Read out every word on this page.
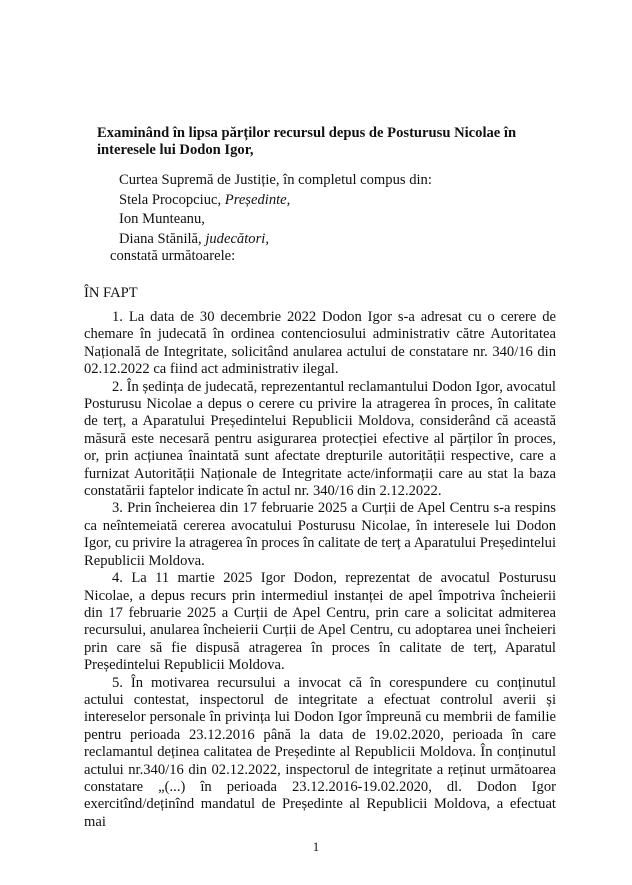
Examinând în lipsa părților recursul depus de Posturusu Nicolae în
interesele lui Dodon Igor,
Curtea Supremă de Justiție, în completul compus din:
Stela Procopciuc, Președinte,
Ion Munteanu,
Diana Stănilă, judecători,
constată următoarele:
ÎN FAPT

1. La data de 30 decembrie 2022 Dodon Igor s-a adresat cu o cerere de chemare în judecată în ordinea contenciosului administrativ către Autoritatea Națională de Integritate, solicitând anularea actului de constatare nr. 340/16 din 02.12.2022 ca fiind act administrativ ilegal.

2. În ședința de judecată, reprezentantul reclamantului Dodon Igor, avocatul Posturusu Nicolae a depus o cerere cu privire la atragerea în proces, în calitate de terț, a Aparatului Președintelui Republicii Moldova, considerând că această măsură este necesară pentru asigurarea protecției efective al părților în proces, or, prin acțiunea înaintată sunt afectate drepturile autorității respective, care a furnizat Autorității Naționale de Integritate acte/informații care au stat la baza constatării faptelor indicate în actul nr. 340/16 din 2.12.2022.

3. Prin încheierea din 17 februarie 2025 a Curții de Apel Centru s-a respins ca neîntemeiată cererea avocatului Posturusu Nicolae, în interesele lui Dodon Igor, cu privire la atragerea în proces în calitate de terț a Aparatului Președintelui Republicii Moldova.

4. La 11 martie 2025 Igor Dodon, reprezentat de avocatul Posturusu Nicolae, a depus recurs prin intermediul instanței de apel împotriva încheierii din 17 februarie 2025 a Curții de Apel Centru, prin care a solicitat admiterea recursului, anularea încheierii Curții de Apel Centru, cu adoptarea unei încheieri prin care să fie dispusă atragerea în proces în calitate de terț, Aparatul Președintelui Republicii Moldova.

5. În motivarea recursului a invocat că în corespundere cu conținutul actului contestat, inspectorul de integritate a efectuat controlul averii și intereselor personale în privința lui Dodon Igor împreună cu membrii de familie pentru perioada 23.12.2016 până la data de 19.02.2020, perioada în care reclamantul deținea calitatea de Președinte al Republicii Moldova. În conținutul actului nr.340/16 din 02.12.2022, inspectorul de integritate a reținut următoarea constatare „(...) în perioada 23.12.2016-19.02.2020, dl. Dodon Igor exercitînd/deținînd mandatul de Președinte al Republicii Moldova, a efectuat mai

1
